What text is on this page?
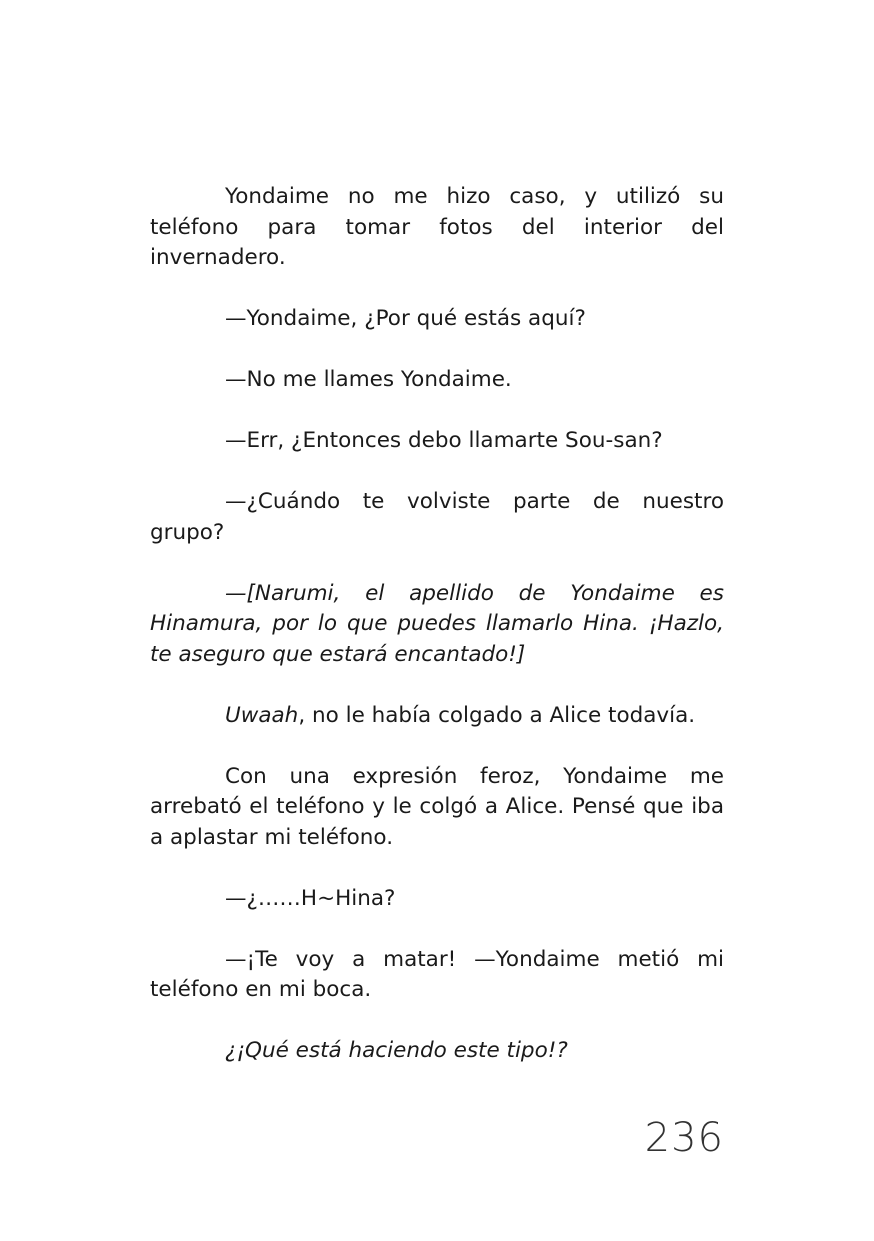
Yondaime no me hizo caso, y utilizó su teléfono para tomar fotos del interior del invernadero.

—Yondaime, ¿Por qué estás aquí?

—No me llames Yondaime.

—Err, ¿Entonces debo llamarte Sou-san?

—¿Cuándo te volviste parte de nuestro grupo?

—[Narumi, el apellido de Yondaime es Hinamura, por lo que puedes llamarlo Hina. ¡Hazlo, te aseguro que estará encantado!]

Uwaah, no le había colgado a Alice todavía.

Con una expresión feroz, Yondaime me arrebató el teléfono y le colgó a Alice. Pensé que iba a aplastar mi teléfono.

—¿……H~Hina?

—¡Te voy a matar! —Yondaime metió mi teléfono en mi boca.

¿¡Qué está haciendo este tipo!?

236
